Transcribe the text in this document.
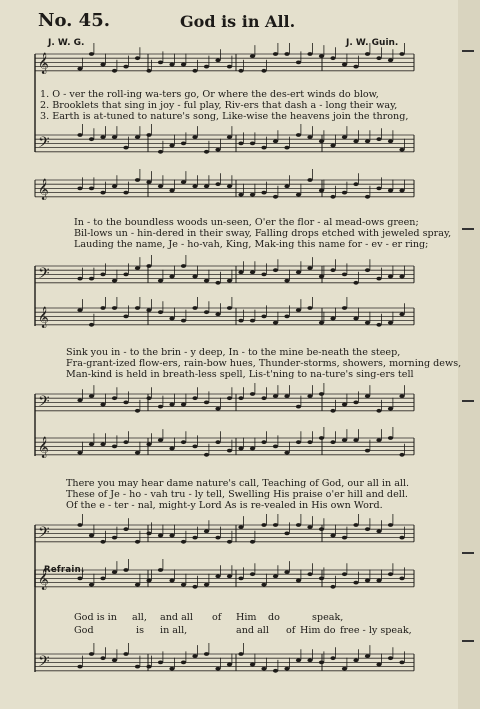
No. 45.	God is in All.
J. W. G.	J. W. Guin.
𝄞
𝄢
𝄞
𝄢
𝄞
𝄢
𝄞
𝄢
𝄞
𝄢
1. O - ver the roll-ing wa-ters go, Or where the des-ert winds do blow,
2. Brooklets that sing in joy - ful play, Riv-ers that dash a - long their way,
3. Earth is at-tuned to nature's song, Like-wise the heavens join the throng,
In - to the boundless woods un-seen, O'er the flor - al mead-ows green;
Bil-lows un - hin-dered in their sway, Falling drops etched with jeweled spray,
Lauding the name, Je - ho-vah, King, Mak-ing this name for - ev - er ring;
Sink you in - to the brin - y deep, In - to the mine be-neath the steep,
Fra-grant-ized flow-ers, rain-bow hues, Thunder-storms, showers, morning dews,
Man-kind is held in breath-less spell, Lis-t'ning to na-ture's sing-ers tell
There you may hear dame nature's call, Teaching of God, our all in all.
These of Je - ho - vah tru - ly tell, Swelling His praise o'er hill and dell.
Of the e - ter - nal, might-y Lord As is re-vealed in His own Word.
Refrain.
God is in all, and all of Him do	speak,
God	is in all,	and all of Him do free - ly speak,
